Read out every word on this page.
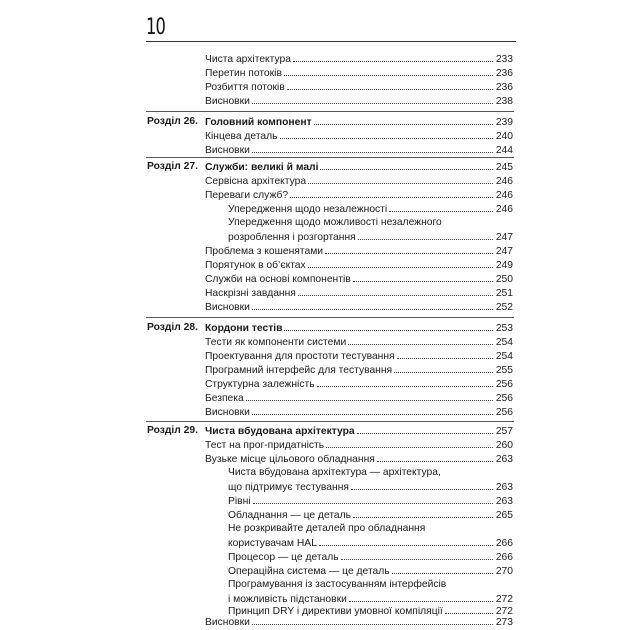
10
Чиста архітектура	233
Перетин потоків	236
Розбиття потоків	236
Висновки	238
Розділ 26. Головний компонент	239
Кінцева деталь	240
Висновки	244
Розділ 27. Служби: великі й малі	245
Сервісна архітектура	246
Переваги служб?	246
Упередження щодо незалежності	246
Упередження щодо можливості незалежного
розроблення і розгортання	247
Проблема з кошенятами	247
Порятунок в об’єктах	249
Служби на основі компонентів	250
Наскрізні завдання	251
Висновки	252
Розділ 28. Кордони тестів	253
Тести як компоненти системи	254
Проектування для простоти тестування	254
Програмний інтерфейс для тестування	255
Структурна залежність	256
Безпека	256
Висновки	256
Розділ 29. Чиста вбудована архітектура	257
Тест на прог-придатність	260
Вузьке місце цільового обладнання	263
Чиста вбудована архітектура — архітектура,
що підтримує тестування	263
Рівні	263
Обладнання — це деталь	265
Не розкривайте деталей про обладнання
користувачам HAL	266
Процесор — це деталь	266
Операційна система — це деталь	270
Програмування із застосуванням інтерфейсів
і можливість підстановки	272
Принцип DRY і директиви умовної компіляції	272
Висновки	273
